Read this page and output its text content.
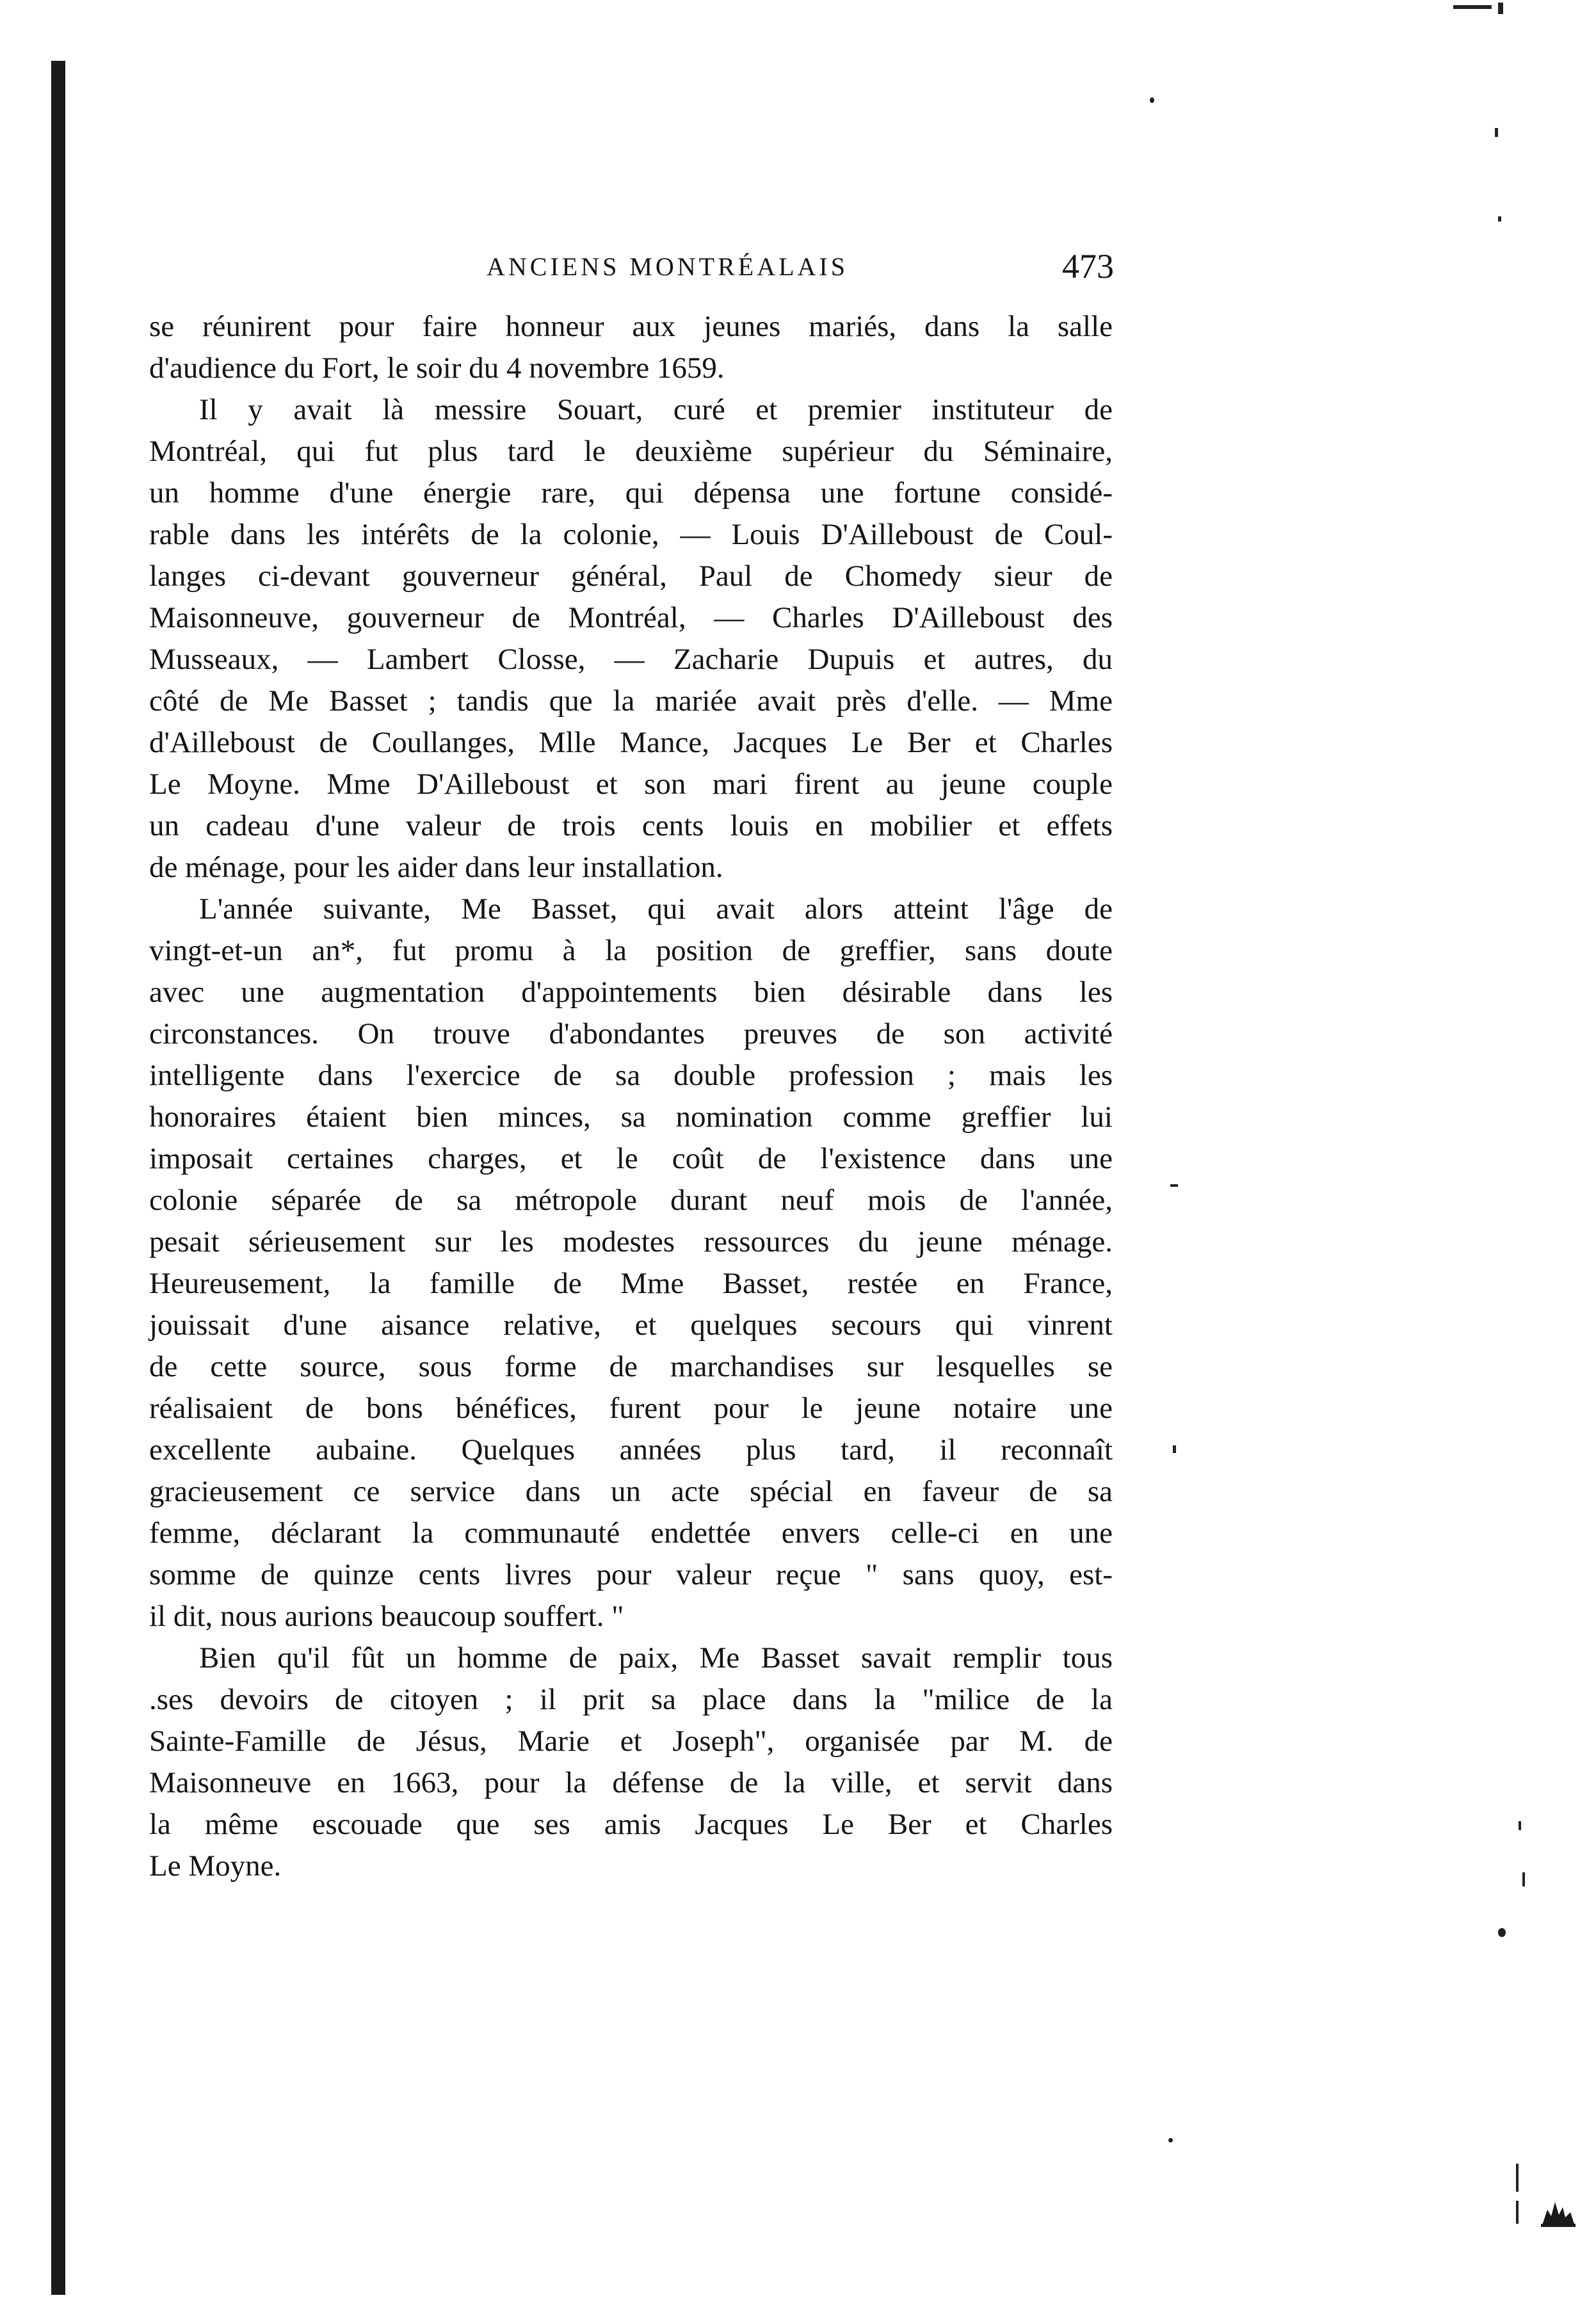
ANCIENS MONTRÉALAIS	473
se réunirent pour faire honneur aux jeunes mariés, dans la salle
d'audience du Fort, le soir du 4 novembre 1659.
Il y avait là messire Souart, curé et premier instituteur de
Montréal, qui fut plus tard le deuxième supérieur du Séminaire,
un homme d'une énergie rare, qui dépensa une fortune considé-
rable dans les intérêts de la colonie, — Louis D'Ailleboust de Coul-
langes ci-devant gouverneur général, Paul de Chomedy sieur de
Maisonneuve, gouverneur de Montréal, — Charles D'Ailleboust des
Musseaux, — Lambert Closse, — Zacharie Dupuis et autres, du
côté de Me Basset ; tandis que la mariée avait près d'elle. — Mme
d'Ailleboust de Coullanges, Mlle Mance, Jacques Le Ber et Charles
Le Moyne. Mme D'Ailleboust et son mari firent au jeune couple
un cadeau d'une valeur de trois cents louis en mobilier et effets
de ménage, pour les aider dans leur installation.
L'année suivante, Me Basset, qui avait alors atteint l'âge de
vingt-et-un an*, fut promu à la position de greffier, sans doute
avec une augmentation d'appointements bien désirable dans les
circonstances. On trouve d'abondantes preuves de son activité
intelligente dans l'exercice de sa double profession ; mais les
honoraires étaient bien minces, sa nomination comme greffier lui
imposait certaines charges, et le coût de l'existence dans une
colonie séparée de sa métropole durant neuf mois de l'année,
pesait sérieusement sur les modestes ressources du jeune ménage.
Heureusement, la famille de Mme Basset, restée en France,
jouissait d'une aisance relative, et quelques secours qui vinrent
de cette source, sous forme de marchandises sur lesquelles se
réalisaient de bons bénéfices, furent pour le jeune notaire une
excellente aubaine. Quelques années plus tard, il reconnaît
gracieusement ce service dans un acte spécial en faveur de sa
femme, déclarant la communauté endettée envers celle-ci en une
somme de quinze cents livres pour valeur reçue " sans quoy, est-
il dit, nous aurions beaucoup souffert. "
Bien qu'il fût un homme de paix, Me Basset savait remplir tous
.ses devoirs de citoyen ; il prit sa place dans la "milice de la
Sainte-Famille de Jésus, Marie et Joseph", organisée par M. de
Maisonneuve en 1663, pour la défense de la ville, et servit dans
la même escouade que ses amis Jacques Le Ber et Charles
Le Moyne.
